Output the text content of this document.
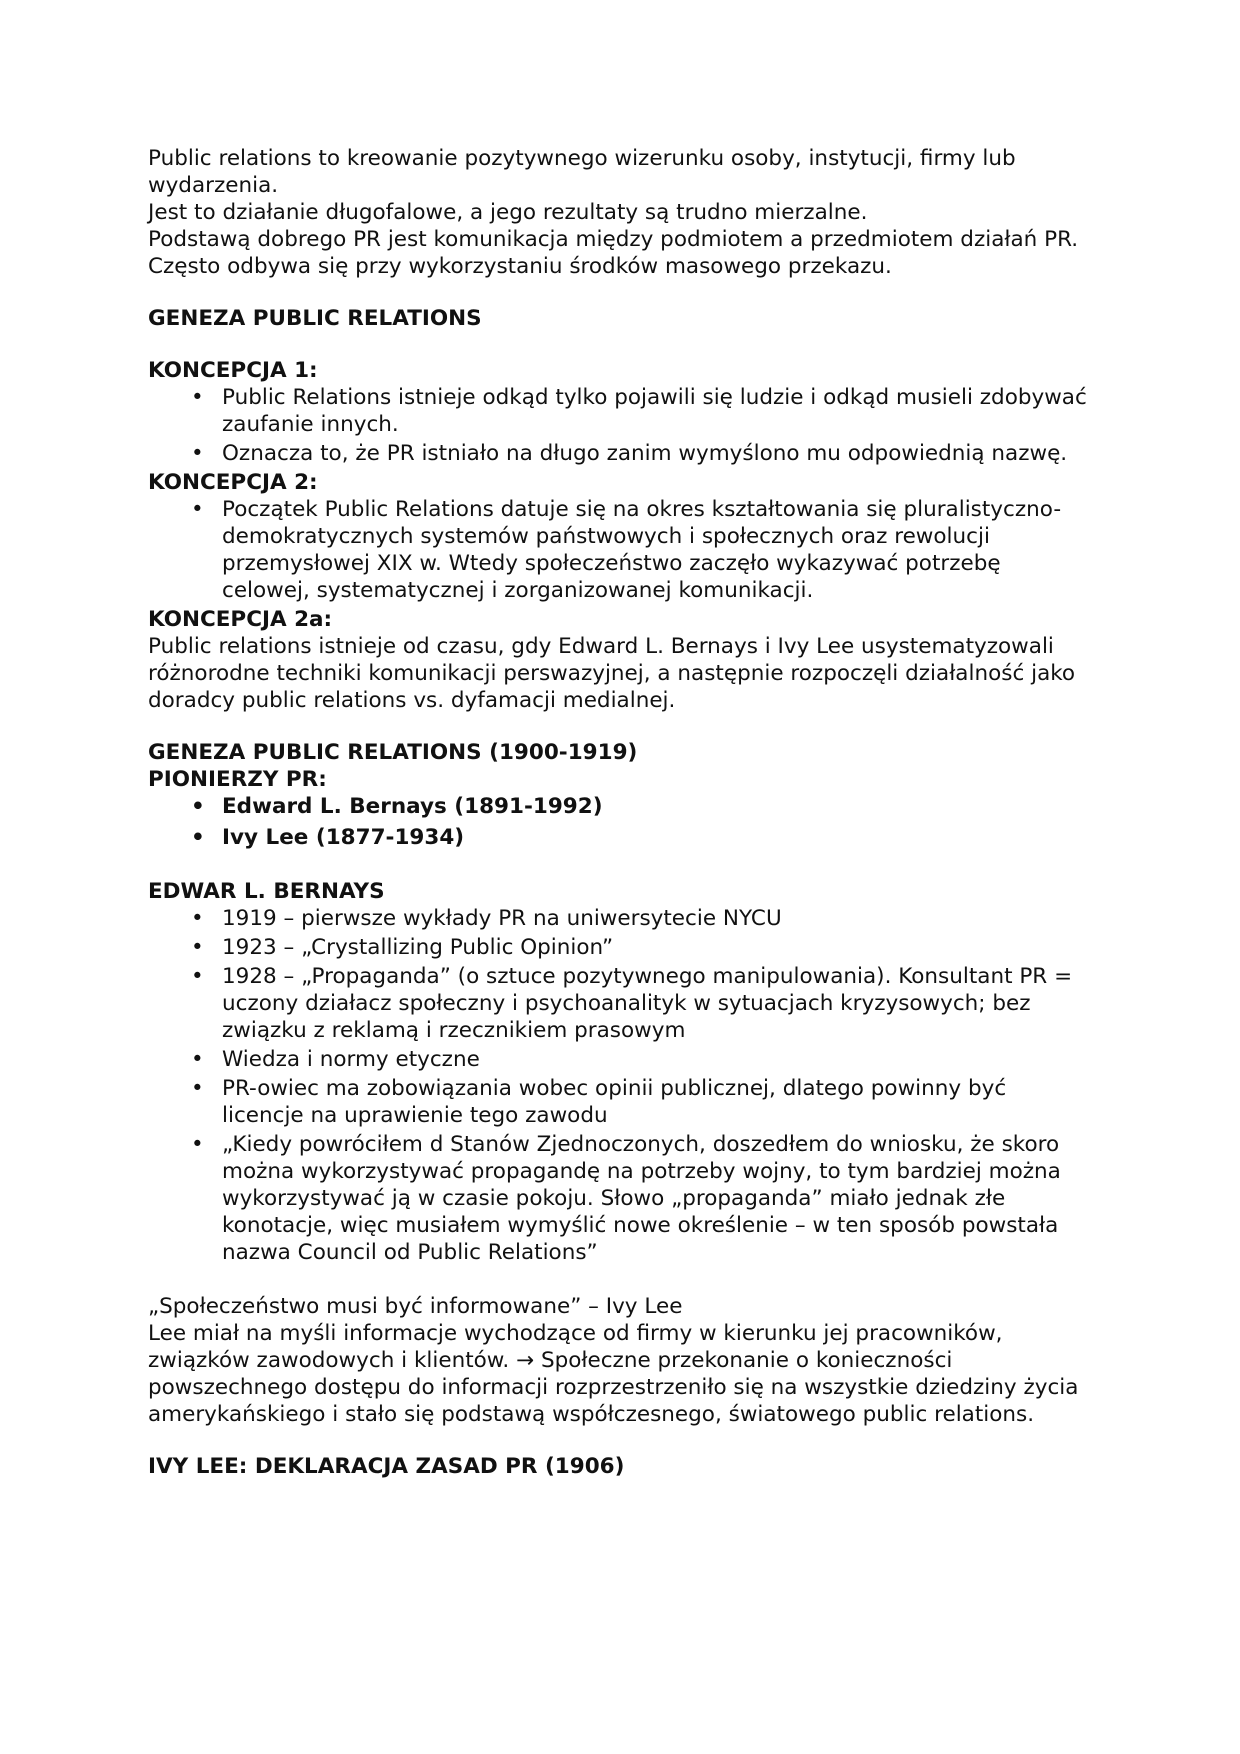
Public relations to kreowanie pozytywnego wizerunku osoby, instytucji, firmy lub wydarzenia.

Jest to działanie długofalowe, a jego rezultaty są trudno mierzalne.

Podstawą dobrego PR jest komunikacja między podmiotem a przedmiotem działań PR.

Często odbywa się przy wykorzystaniu środków masowego przekazu.

GENEZA PUBLIC RELATIONS

KONCEPCJA 1:

• Public Relations istnieje odkąd tylko pojawili się ludzie i odkąd musieli zdobywać zaufanie innych.
• Oznacza to, że PR istniało na długo zanim wymyślono mu odpowiednią nazwę.

KONCEPCJA 2:

• Początek Public Relations datuje się na okres kształtowania się pluralistyczno-demokratycznych systemów państwowych i społecznych oraz rewolucji przemysłowej XIX w. Wtedy społeczeństwo zaczęło wykazywać potrzebę celowej, systematycznej i zorganizowanej komunikacji.

KONCEPCJA 2a:

Public relations istnieje od czasu, gdy Edward L. Bernays i Ivy Lee usystematyzowali różnorodne techniki komunikacji perswazyjnej, a następnie rozpoczęli działalność jako doradcy public relations vs. dyfamacji medialnej.

GENEZA PUBLIC RELATIONS (1900-1919)

PIONIERZY PR:

• Edward L. Bernays (1891-1992)
• Ivy Lee (1877-1934)

EDWAR L. BERNAYS

• 1919 – pierwsze wykłady PR na uniwersytecie NYCU
• 1923 – „Crystallizing Public Opinion”
• 1928 – „Propaganda” (o sztuce pozytywnego manipulowania). Konsultant PR = uczony działacz społeczny i psychoanalityk w sytuacjach kryzysowych; bez związku z reklamą i rzecznikiem prasowym
• Wiedza i normy etyczne
• PR-owiec ma zobowiązania wobec opinii publicznej, dlatego powinny być licencje na uprawienie tego zawodu
• „Kiedy powróciłem d Stanów Zjednoczonych, doszedłem do wniosku, że skoro można wykorzystywać propagandę na potrzeby wojny, to tym bardziej można wykorzystywać ją w czasie pokoju. Słowo „propaganda” miało jednak złe konotacje, więc musiałem wymyślić nowe określenie – w ten sposób powstała nazwa Council od Public Relations”

„Społeczeństwo musi być informowane” – Ivy Lee

Lee miał na myśli informacje wychodzące od firmy w kierunku jej pracowników, związków zawodowych i klientów. → Społeczne przekonanie o konieczności powszechnego dostępu do informacji rozprzestrzeniło się na wszystkie dziedziny życia amerykańskiego i stało się podstawą współczesnego, światowego public relations.

IVY LEE: DEKLARACJA ZASAD PR (1906)
